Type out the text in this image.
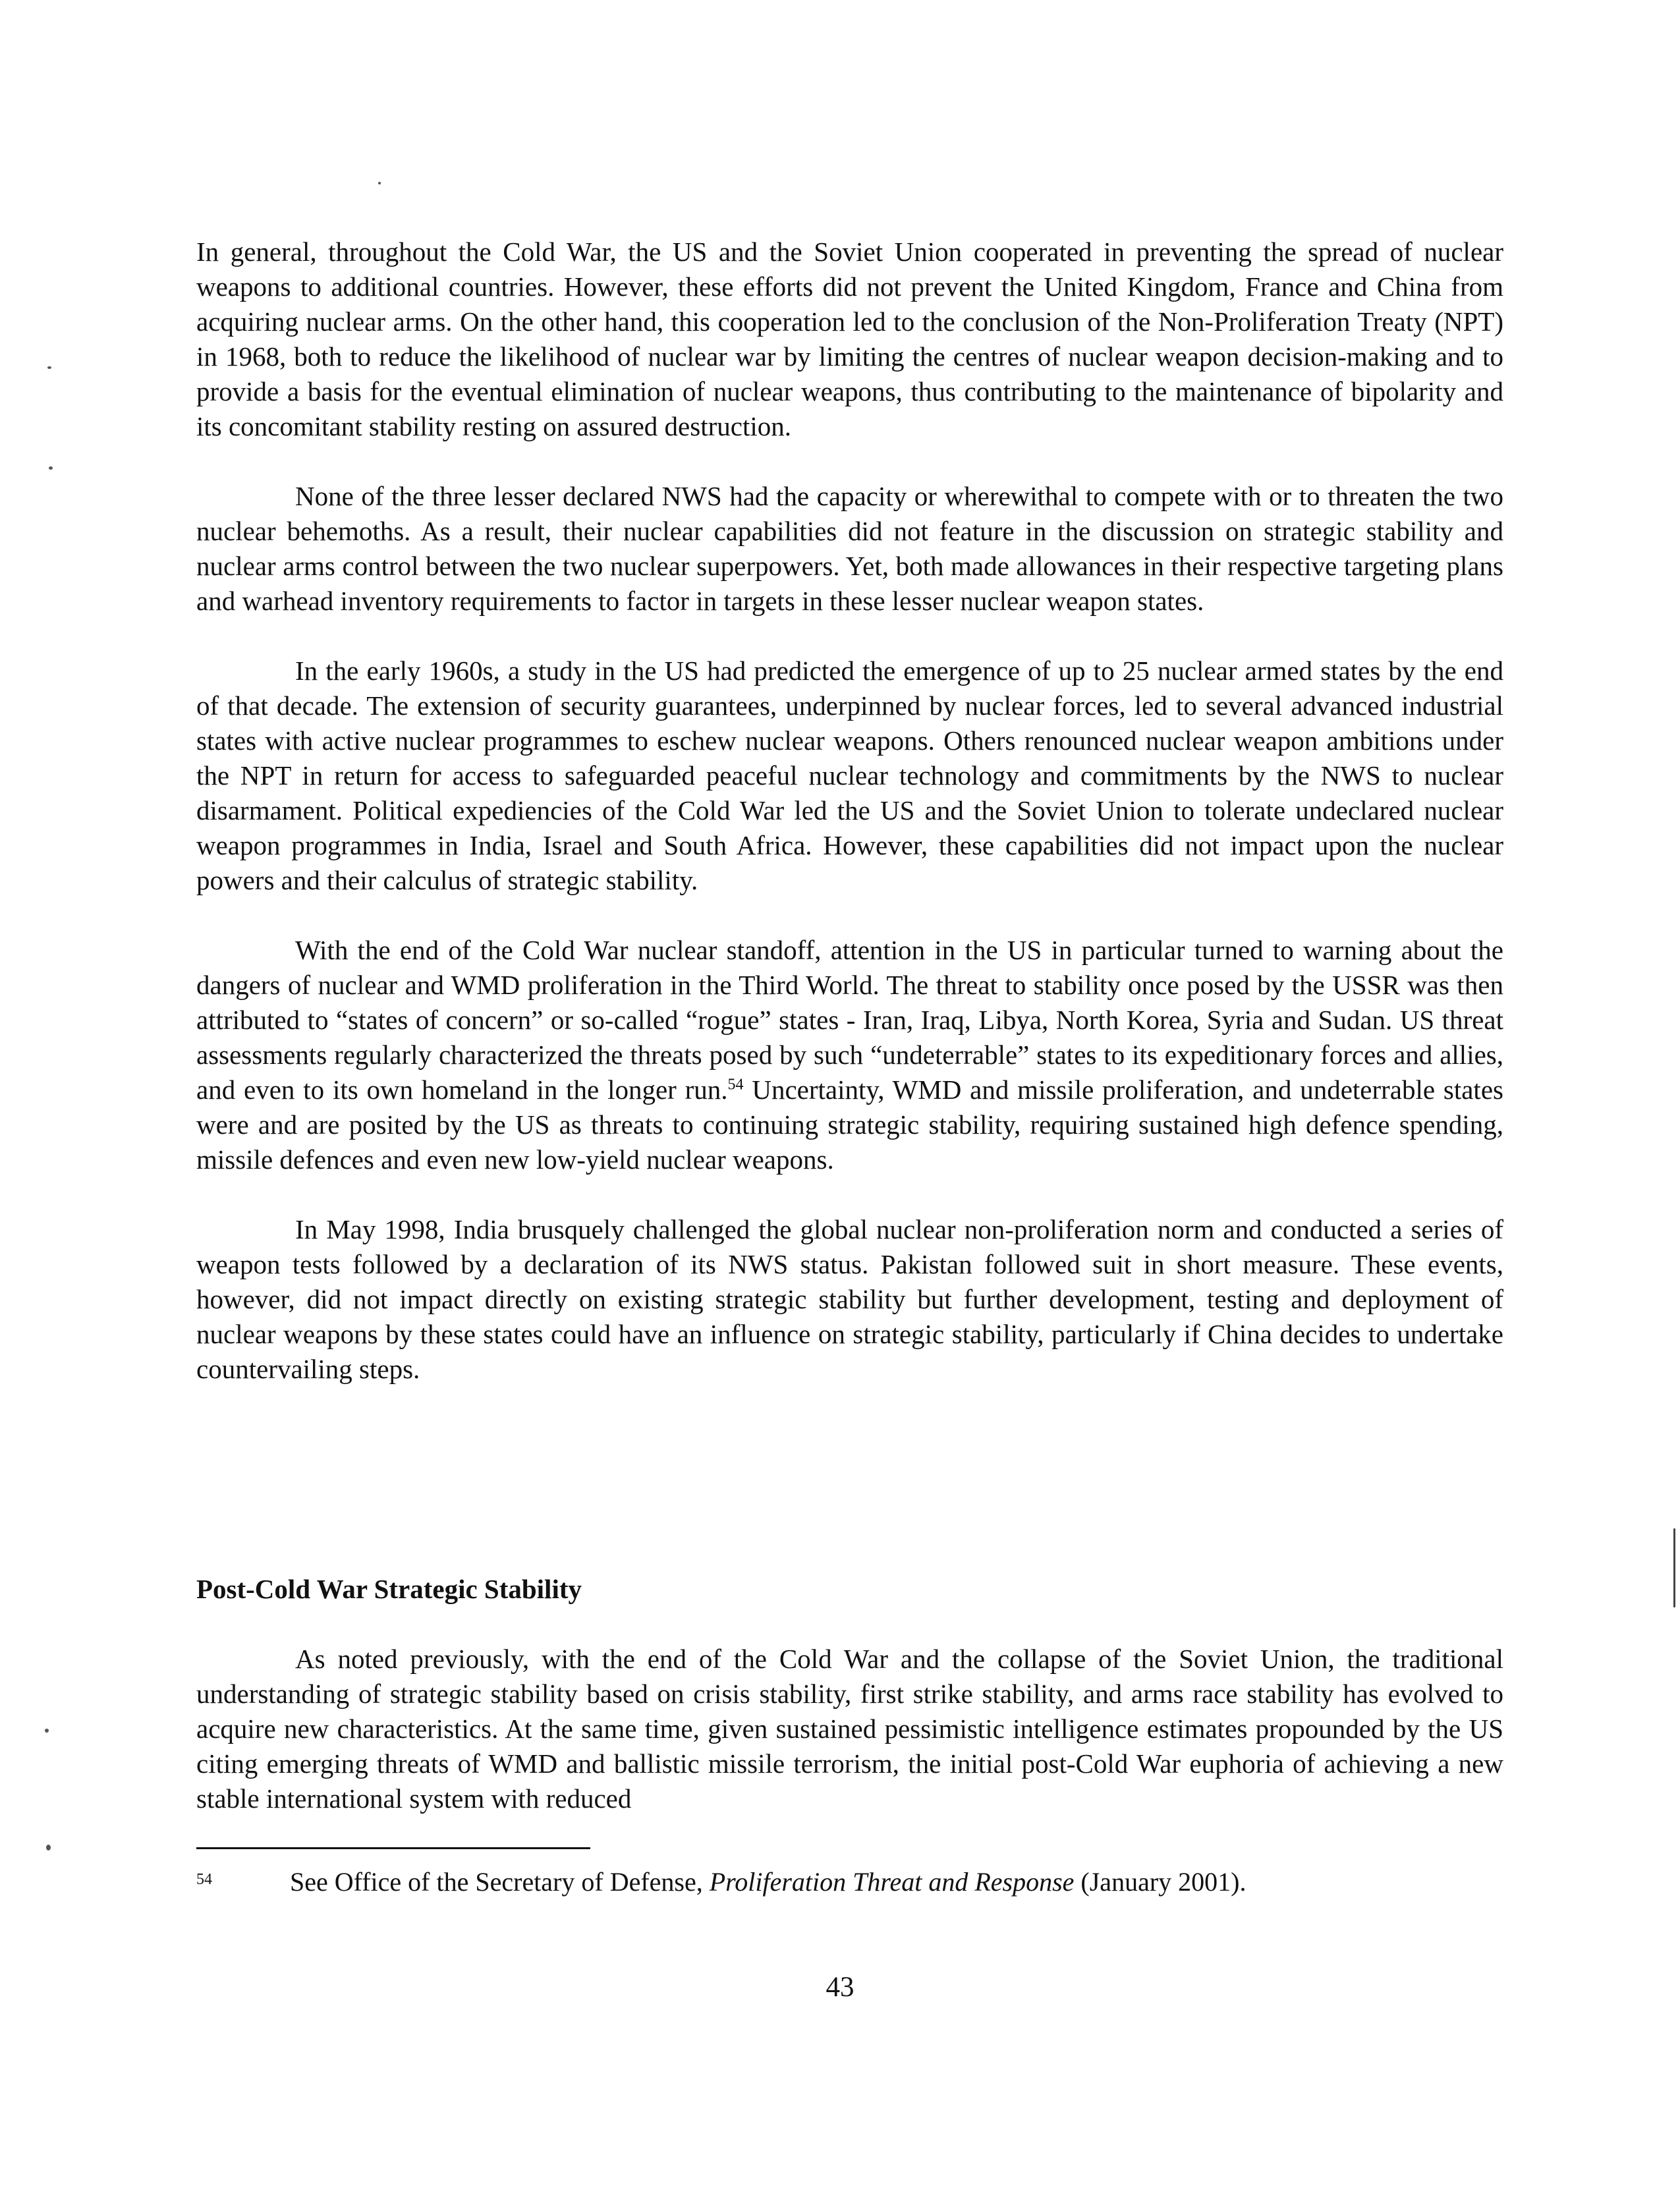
In general, throughout the Cold War, the US and the Soviet Union cooperated in preventing the spread of nuclear weapons to additional countries. However, these efforts did not prevent the United Kingdom, France and China from acquiring nuclear arms. On the other hand, this cooperation led to the conclusion of the Non-Proliferation Treaty (NPT) in 1968, both to reduce the likelihood of nuclear war by limiting the centres of nuclear weapon decision-making and to provide a basis for the eventual elimination of nuclear weapons, thus contributing to the maintenance of bipolarity and its concomitant stability resting on assured destruction.

None of the three lesser declared NWS had the capacity or wherewithal to compete with or to threaten the two nuclear behemoths. As a result, their nuclear capabilities did not feature in the discussion on strategic stability and nuclear arms control between the two nuclear superpowers. Yet, both made allowances in their respective targeting plans and warhead inventory requirements to factor in targets in these lesser nuclear weapon states.

In the early 1960s, a study in the US had predicted the emergence of up to 25 nuclear armed states by the end of that decade. The extension of security guarantees, underpinned by nuclear forces, led to several advanced industrial states with active nuclear programmes to eschew nuclear weapons. Others renounced nuclear weapon ambitions under the NPT in return for access to safeguarded peaceful nuclear technology and commitments by the NWS to nuclear disarmament. Political expediencies of the Cold War led the US and the Soviet Union to tolerate undeclared nuclear weapon programmes in India, Israel and South Africa. However, these capabilities did not impact upon the nuclear powers and their calculus of strategic stability.

With the end of the Cold War nuclear standoff, attention in the US in particular turned to warning about the dangers of nuclear and WMD proliferation in the Third World. The threat to stability once posed by the USSR was then attributed to “states of concern” or so-called “rogue” states - Iran, Iraq, Libya, North Korea, Syria and Sudan. US threat assessments regularly characterized the threats posed by such “undeterrable” states to its expeditionary forces and allies, and even to its own homeland in the longer run.$^{54}$ Uncertainty, WMD and missile proliferation, and undeterrable states were and are posited by the US as threats to continuing strategic stability, requiring sustained high defence spending, missile defences and even new low-yield nuclear weapons.

In May 1998, India brusquely challenged the global nuclear non-proliferation norm and conducted a series of weapon tests followed by a declaration of its NWS status. Pakistan followed suit in short measure. These events, however, did not impact directly on existing strategic stability but further development, testing and deployment of nuclear weapons by these states could have an influence on strategic stability, particularly if China decides to undertake countervailing steps.

Post-Cold War Strategic Stability

As noted previously, with the end of the Cold War and the collapse of the Soviet Union, the traditional understanding of strategic stability based on crisis stability, first strike stability, and arms race stability has evolved to acquire new characteristics. At the same time, given sustained pessimistic intelligence estimates propounded by the US citing emerging threats of WMD and ballistic missile terrorism, the initial post-Cold War euphoria of achieving a new stable international system with reduced

54	See Office of the Secretary of Defense, Proliferation Threat and Response (January 2001).
43
